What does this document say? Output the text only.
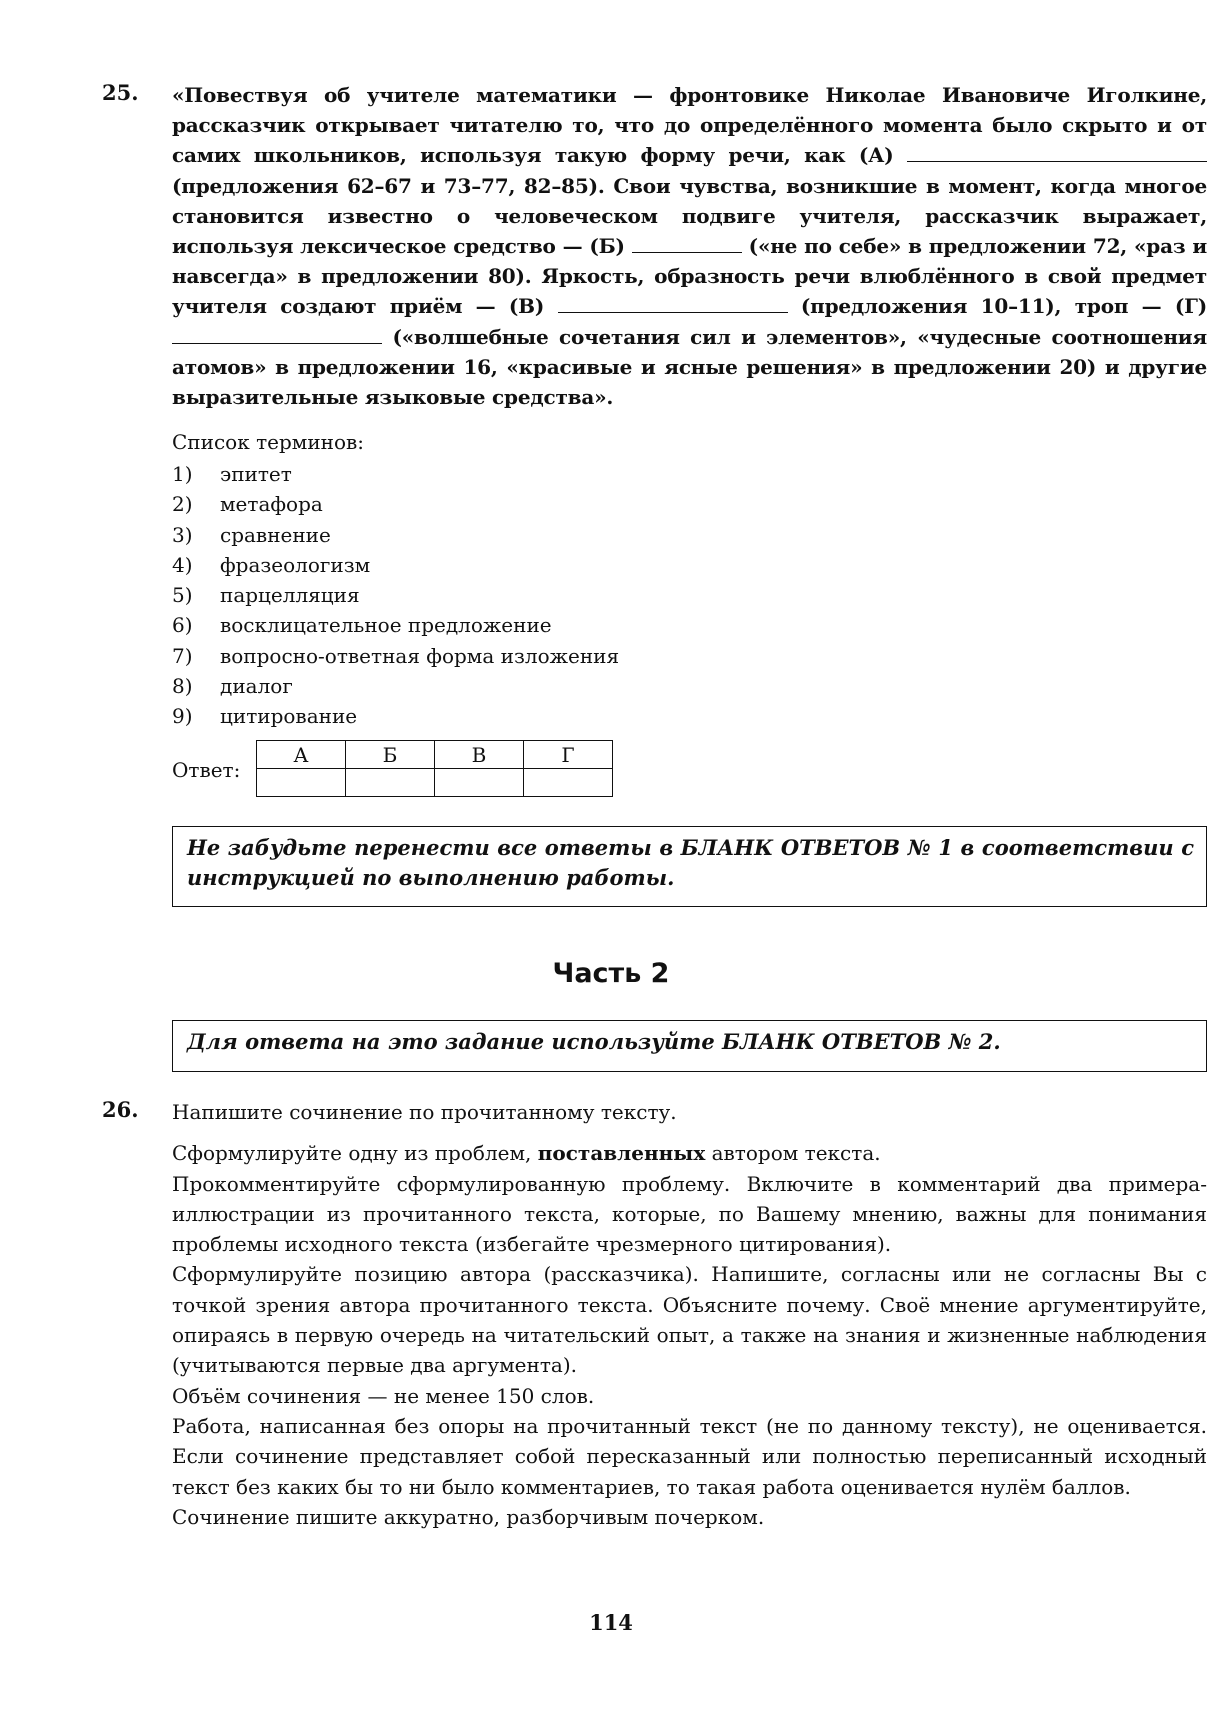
25. «Повествуя об учителе математики — фронтовике Николае Ивановиче Иголкине, рассказчик открывает читателю то, что до определённого момента было скрыто и от самих школьников, используя такую форму речи, как (А)  (предложения 62–67 и 73–77, 82–85). Свои чувства, возникшие в момент, когда многое становится известно о человеческом подвиге учителя, рассказчик выражает, используя лексическое средство — (Б)	(«не по себе» в предложении 72, «раз и навсегда» в предложении 80). Яркость, образность речи влюблённого в свой предмет учителя создают приём — (В)	(предложения 10–11), троп — (Г)  («волшебные сочетания сил и элементов», «чудесные соотношения атомов» в предложении 16, «красивые и ясные решения» в предложении 20) и другие выразительные языковые средства».
Список терминов:
1)	эпитет
2)	метафора
3)	сравнение
4)	фразеологизм
5)	парцелляция
6)	восклицательное предложение
7)	вопросно-ответная форма изложения
8)	диалог
9)	цитирование
Ответ:
А	Б	В	Г

Не забудьте перенести все ответы в БЛАНК ОТВЕТОВ № 1 в соответствии с инструкцией по выполнению работы.
Часть 2
Для ответа на это задание используйте БЛАНК ОТВЕТОВ № 2.
26. Напишите сочинение по прочитанному тексту.

Сформулируйте одну из проблем, поставленных автором текста.

Прокомментируйте сформулированную проблему. Включите в комментарий два примера-иллюстрации из прочитанного текста, которые, по Вашему мнению, важны для понимания проблемы исходного текста (избегайте чрезмерного цитирования).

Сформулируйте позицию автора (рассказчика). Напишите, согласны или не согласны Вы с точкой зрения автора прочитанного текста. Объясните почему. Своё мнение аргументируйте, опираясь в первую очередь на читательский опыт, а также на знания и жизненные наблюдения (учитываются первые два аргумента).

Объём сочинения — не менее 150 слов.

Работа, написанная без опоры на прочитанный текст (не по данному тексту), не оценивается. Если сочинение представляет собой пересказанный или полностью переписанный исходный текст без каких бы то ни было комментариев, то такая работа оценивается нулём баллов.

Сочинение пишите аккуратно, разборчивым почерком.

114
